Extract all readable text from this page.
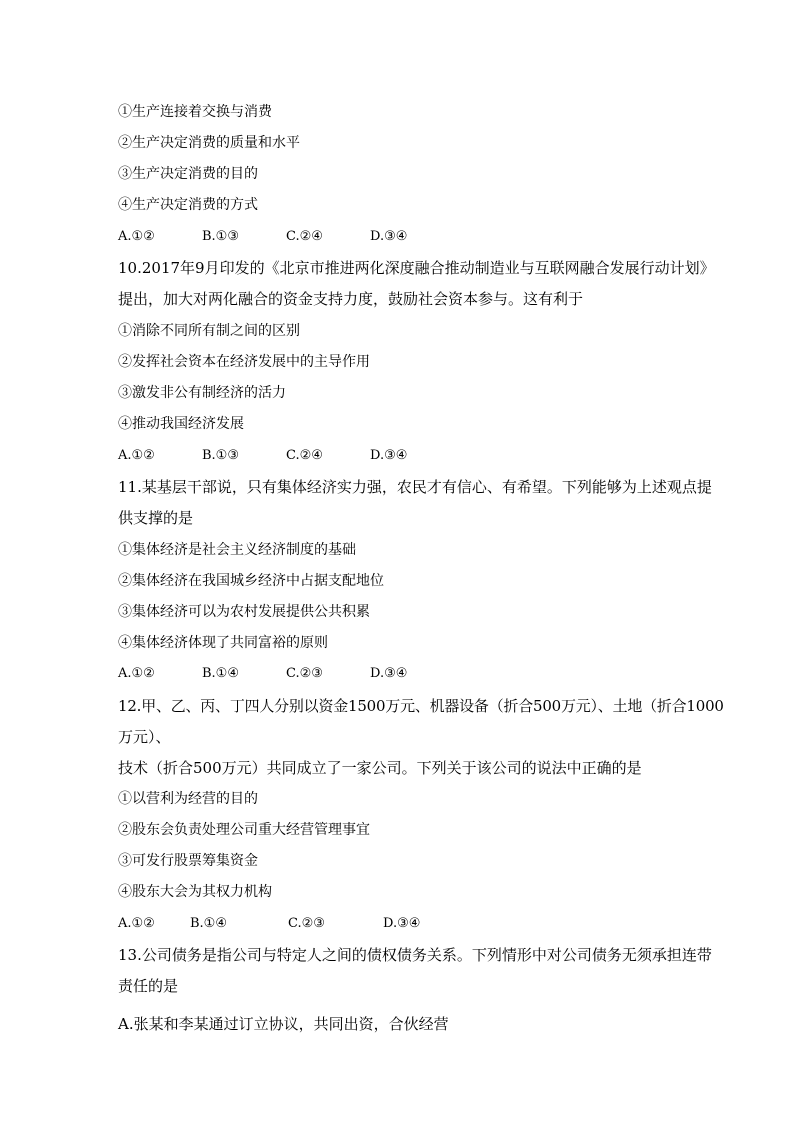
①生产连接着交换与消费
②生产决定消费的质量和水平
③生产决定消费的目的
④生产决定消费的方式
A.①②	B.①③	C.②④	D.③④
10.2017年9月印发的《北京市推进两化深度融合推动制造业与互联网融合发展行动计划》
提出，加大对两化融合的资金支持力度，鼓励社会资本参与。这有利于
①消除不同所有制之间的区别
②发挥社会资本在经济发展中的主导作用
③激发非公有制经济的活力
④推动我国经济发展
A.①②	B.①③	C.②④	D.③④
11.某基层干部说，只有集体经济实力强，农民才有信心、有希望。下列能够为上述观点提
供支撑的是
①集体经济是社会主义经济制度的基础
②集体经济在我国城乡经济中占据支配地位
③集体经济可以为农村发展提供公共积累
④集体经济体现了共同富裕的原则
A.①②	B.①④	C.②③	D.③④
12.甲、乙、丙、丁四人分别以资金1500万元、机器设备（折合500万元）、土地（折合1000
万元）、
技术（折合500万元）共同成立了一家公司。下列关于该公司的说法中正确的是
①以营利为经营的目的
②股东会负责处理公司重大经营管理事宜
③可发行股票筹集资金
④股东大会为其权力机构
A.①②	B.①④	C.②③	D.③④
13.公司债务是指公司与特定人之间的债权债务关系。下列情形中对公司债务无须承担连带
责任的是
A.张某和李某通过订立协议，共同出资，合伙经营
